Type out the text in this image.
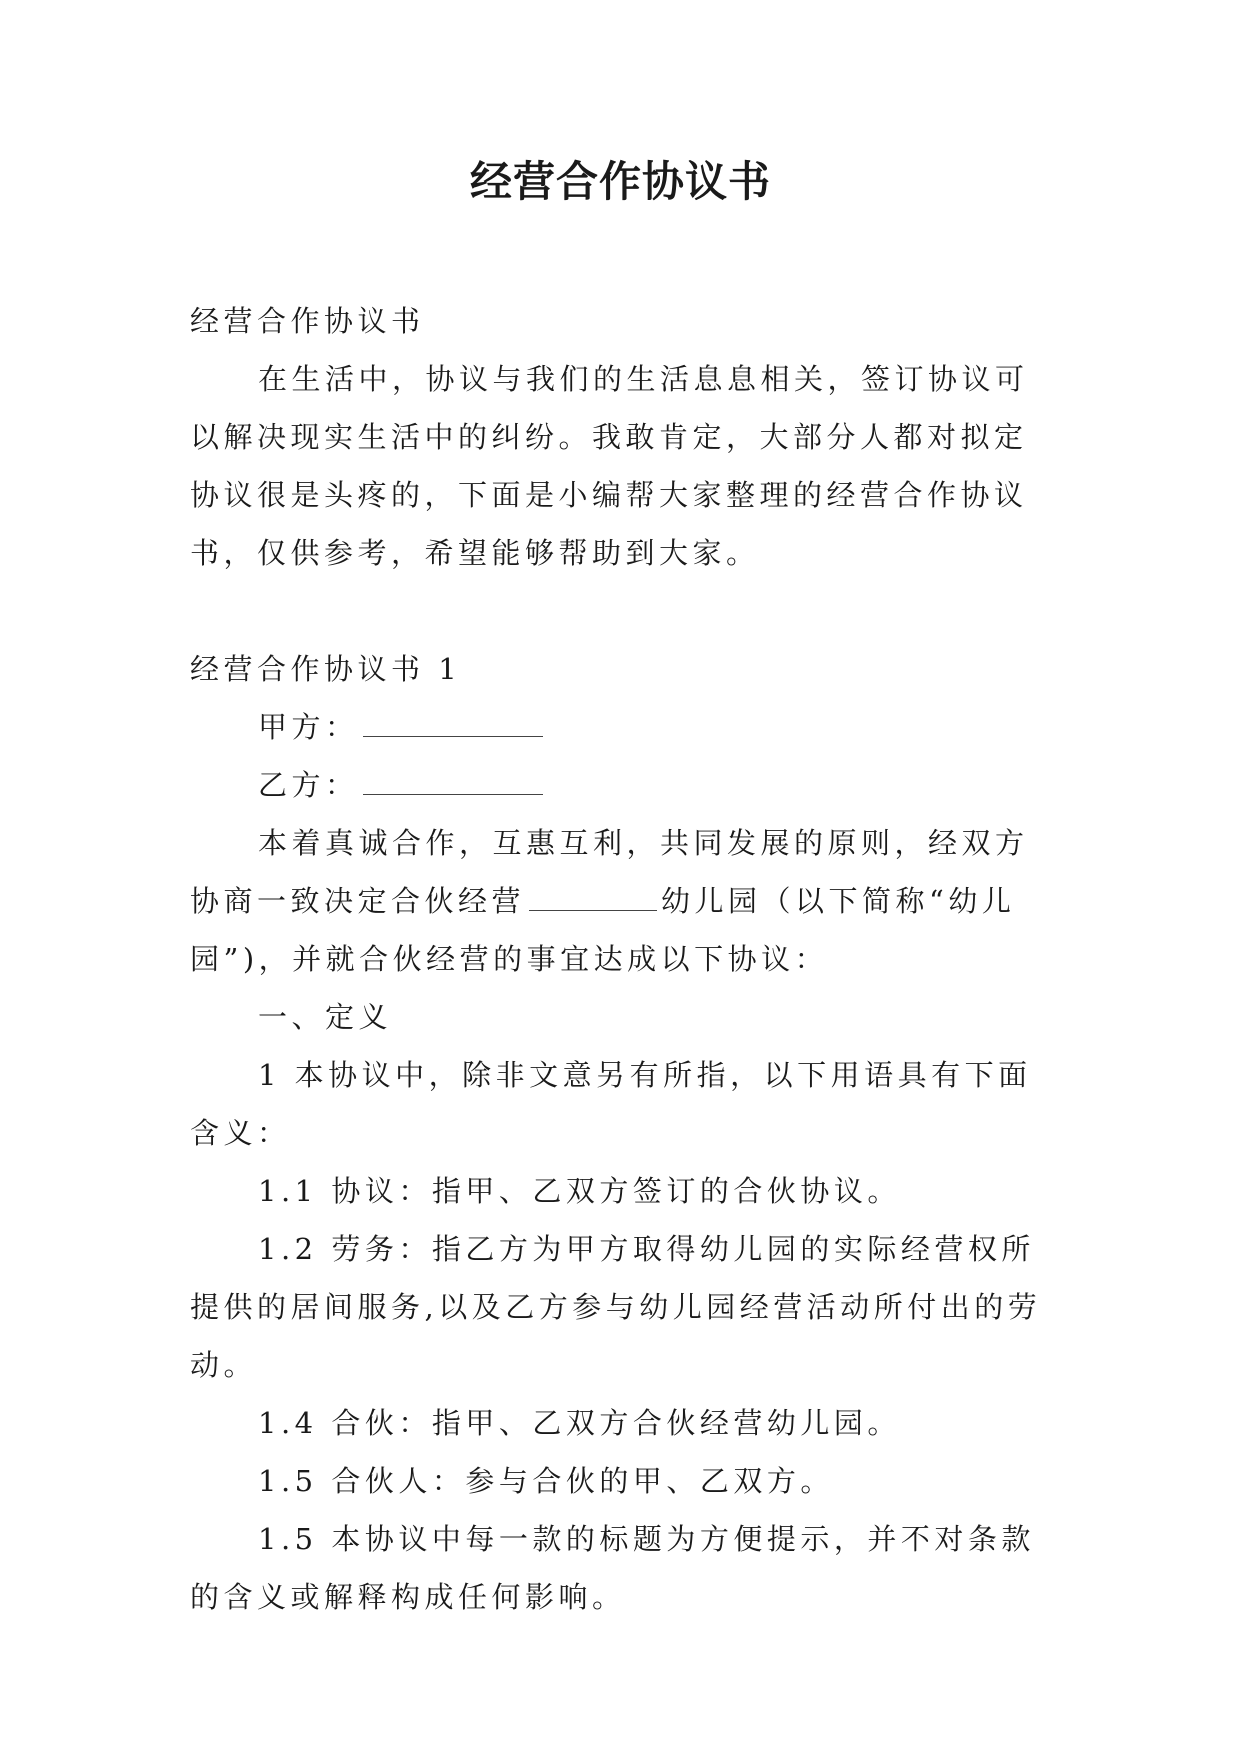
经营合作协议书

经营合作协议书

在生活中，协议与我们的生活息息相关，签订协议可以解决现实生活中的纠纷。我敢肯定，大部分人都对拟定协议很是头疼的，下面是小编帮大家整理的经营合作协议书，仅供参考，希望能够帮助到大家。

经营合作协议书 1

甲方：

乙方：

本着真诚合作，互惠互利，共同发展的原则，经双方协商一致决定合伙经营	幼儿园（以下简称“幼儿园”)，并就合伙经营的事宜达成以下协议：

一、定义

1 本协议中，除非文意另有所指，以下用语具有下面含义：

1.1 协议：指甲、乙双方签订的合伙协议。

1.2 劳务：指乙方为甲方取得幼儿园的实际经营权所提供的居间服务,以及乙方参与幼儿园经营活动所付出的劳动。

1.4 合伙：指甲、乙双方合伙经营幼儿园。

1.5 合伙人：参与合伙的甲、乙双方。

1.5 本协议中每一款的标题为方便提示，并不对条款的含义或解释构成任何影响。
